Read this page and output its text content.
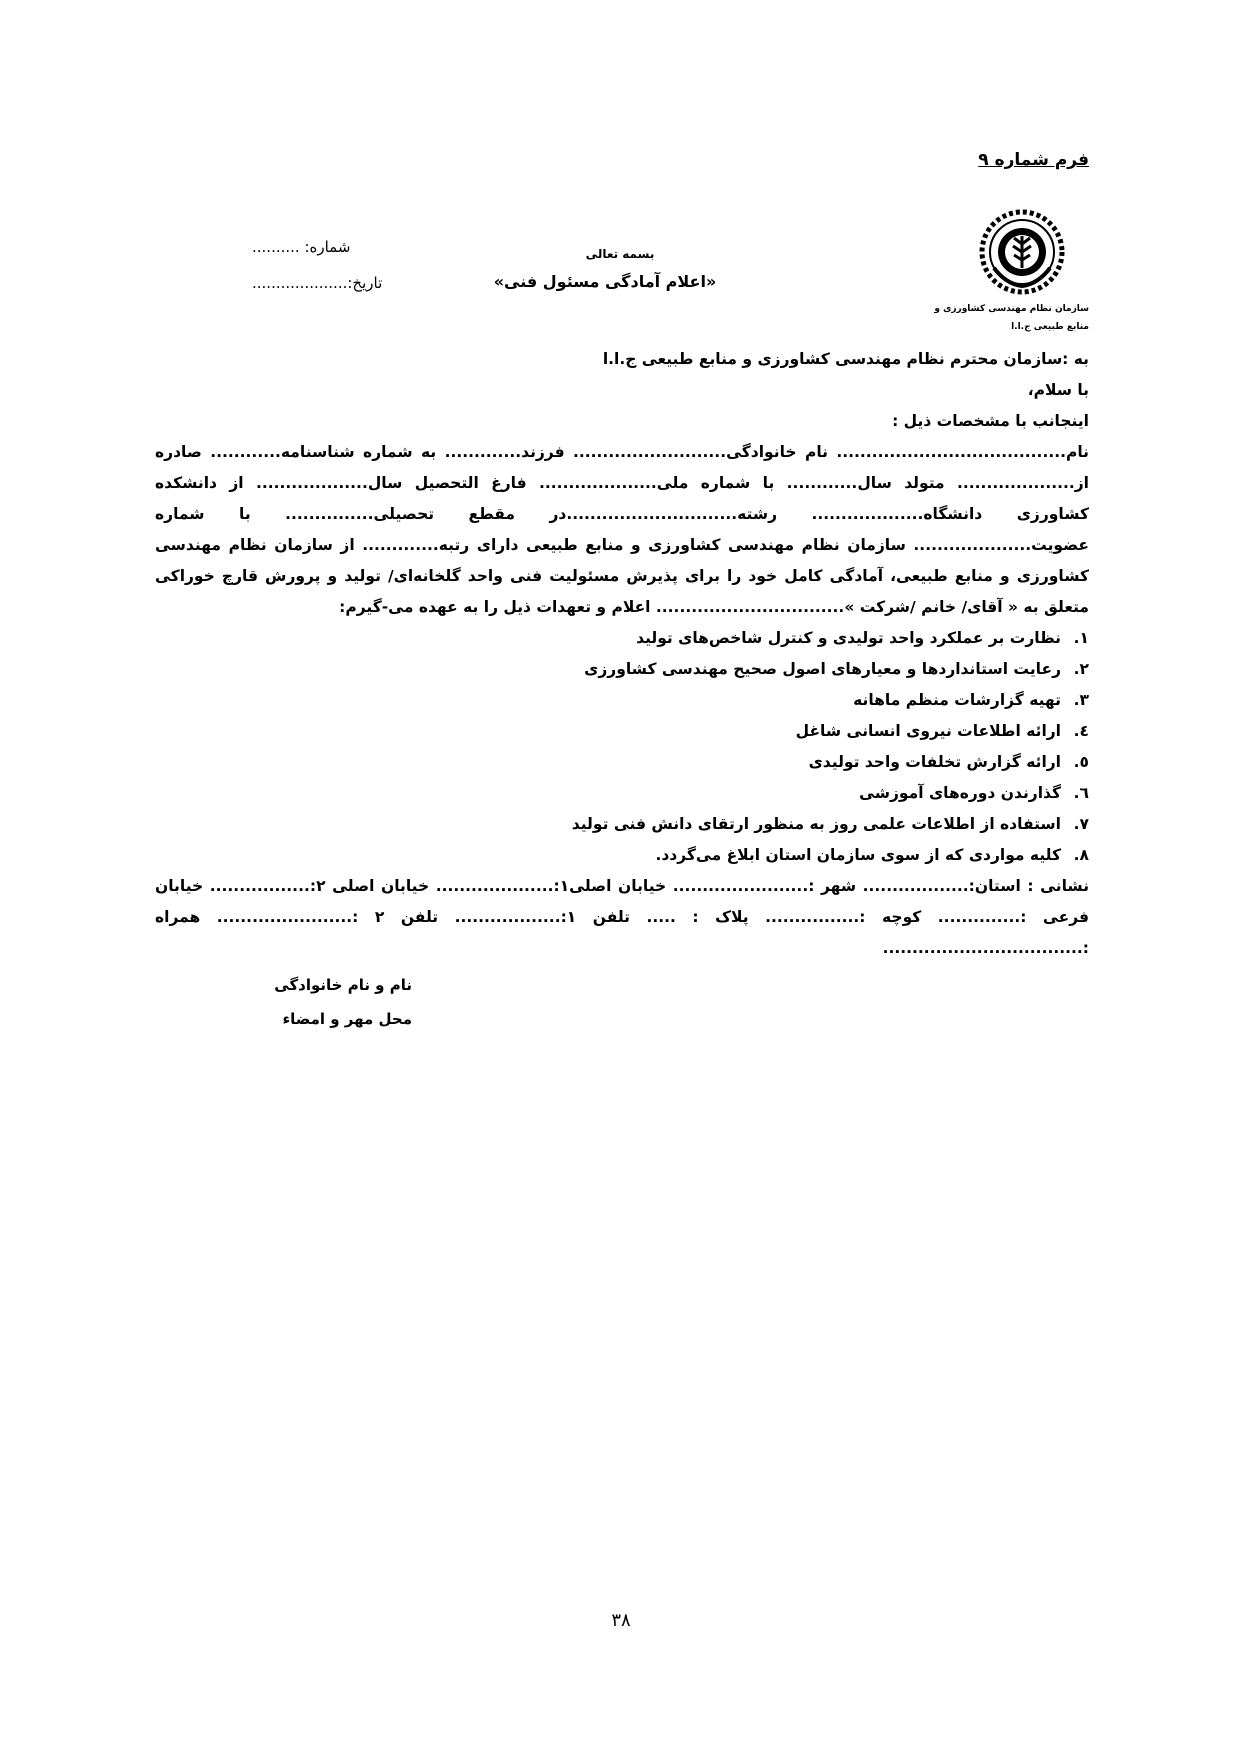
فرم شماره ۹
سازمان نظام مهندسی کشاورزی و
منابع طبیعی ج.ا.ا
بسمه تعالی
«اعلام آمادگی مسئول فنی»
شماره: ..........
تاریخ:....................

به :سازمان محترم نظام مهندسی کشاورزی و منابع طبیعی ج.ا.ا

با سلام،

اینجانب با مشخصات ذیل :

نام....................................... نام خانوادگی.......................... فرزند............. به شماره شناسنامه............ صادره از.................... متولد سال............ با شماره ملی.................... فارغ التحصیل سال................... از دانشکده کشاورزی دانشگاه................... رشته.............................در مقطع تحصیلی............... با شماره عضویت.................... سازمان نظام مهندسی کشاورزی و منابع طبیعی دارای رتبه............. از سازمان نظام مهندسی کشاورزی و منابع طبیعی، آمادگی کامل خود را برای پذیرش مسئولیت فنی واحد گلخانه‌ای/ تولید و پرورش قارچ خوراکی متعلق به « آقای/ خانم /شرکت »................................ اعلام و تعهدات ذیل را به عهده می-گیرم:

۱.نظارت بر عملکرد واحد تولیدی و کنترل شاخص‌های تولید
۲.رعایت استانداردها و معیارهای اصول صحیح مهندسی کشاورزی
۳.تهیه گزارشات منظم ماهانه
٤.ارائه اطلاعات نیروی انسانی شاغل
٥.ارائه گزارش تخلفات واحد تولیدی
٦.گذارندن دوره‌های آموزشی
۷.استفاده از اطلاعات علمی روز به منظور ارتقای دانش فنی تولید
۸.کلیه مواردی که از سوی سازمان استان ابلاغ می‌گردد.

نشانی : استان:.................. شهر :....................... خیابان اصلی۱:.................... خیابان اصلی ۲:................. خیابان فرعی :.............. کوچه :................ پلاک : ..... تلفن ۱:.................. تلفن ۲ :....................... همراه :..................................

نام و نام خانوادگی
محل مهر و امضاء
۳۸
